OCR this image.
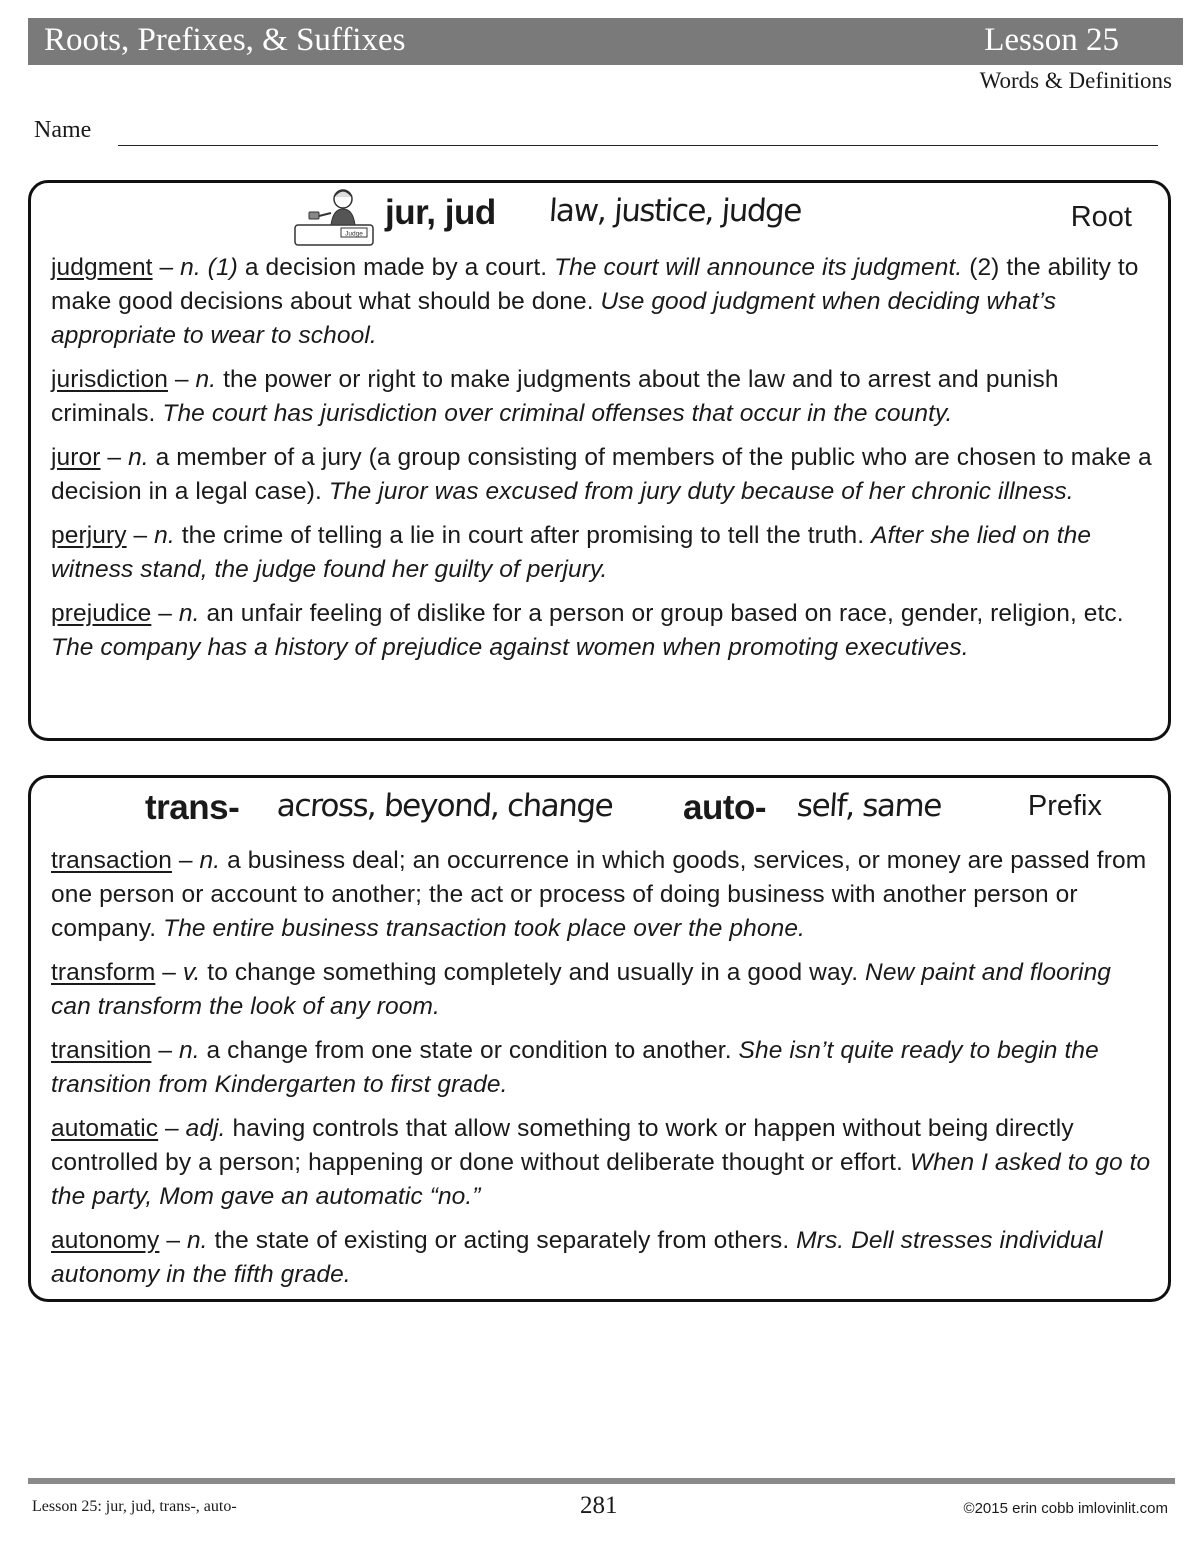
Roots, Prefixes, & Suffixes	Lesson 25
Words & Definitions
Name
Judge
jur, jud law, justice, judge	Root
judgment – n. (1) a decision made by a court. The court will announce its judgment. (2) the ability to make good decisions about what should be done. Use good judgment when deciding what’s appropriate to wear to school.
jurisdiction – n. the power or right to make judgments about the law and to arrest and punish criminals. The court has jurisdiction over criminal offenses that occur in the county.
juror – n. a member of a jury (a group consisting of members of the public who are chosen to make a decision in a legal case). The juror was excused from jury duty because of her chronic illness.
perjury – n. the crime of telling a lie in court after promising to tell the truth. After she lied on the witness stand, the judge found her guilty of perjury.
prejudice – n. an unfair feeling of dislike for a person or group based on race, gender, religion, etc. The company has a history of prejudice against women when promoting executives.
trans- across, beyond, change auto- self, same	Prefix
transaction – n. a business deal; an occurrence in which goods, services, or money are passed from one person or account to another; the act or process of doing business with another person or company. The entire business transaction took place over the phone.
transform – v. to change something completely and usually in a good way. New paint and flooring can transform the look of any room.
transition – n. a change from one state or condition to another. She isn’t quite ready to begin the transition from Kindergarten to first grade.
automatic – adj. having controls that allow something to work or happen without being directly controlled by a person; happening or done without deliberate thought or effort. When I asked to go to the party, Mom gave an automatic “no.”
autonomy – n. the state of existing or acting separately from others. Mrs. Dell stresses individual autonomy in the fifth grade.
Lesson 25: jur, jud, trans-, auto-	281	©2015 erin cobb imlovinlit.com
